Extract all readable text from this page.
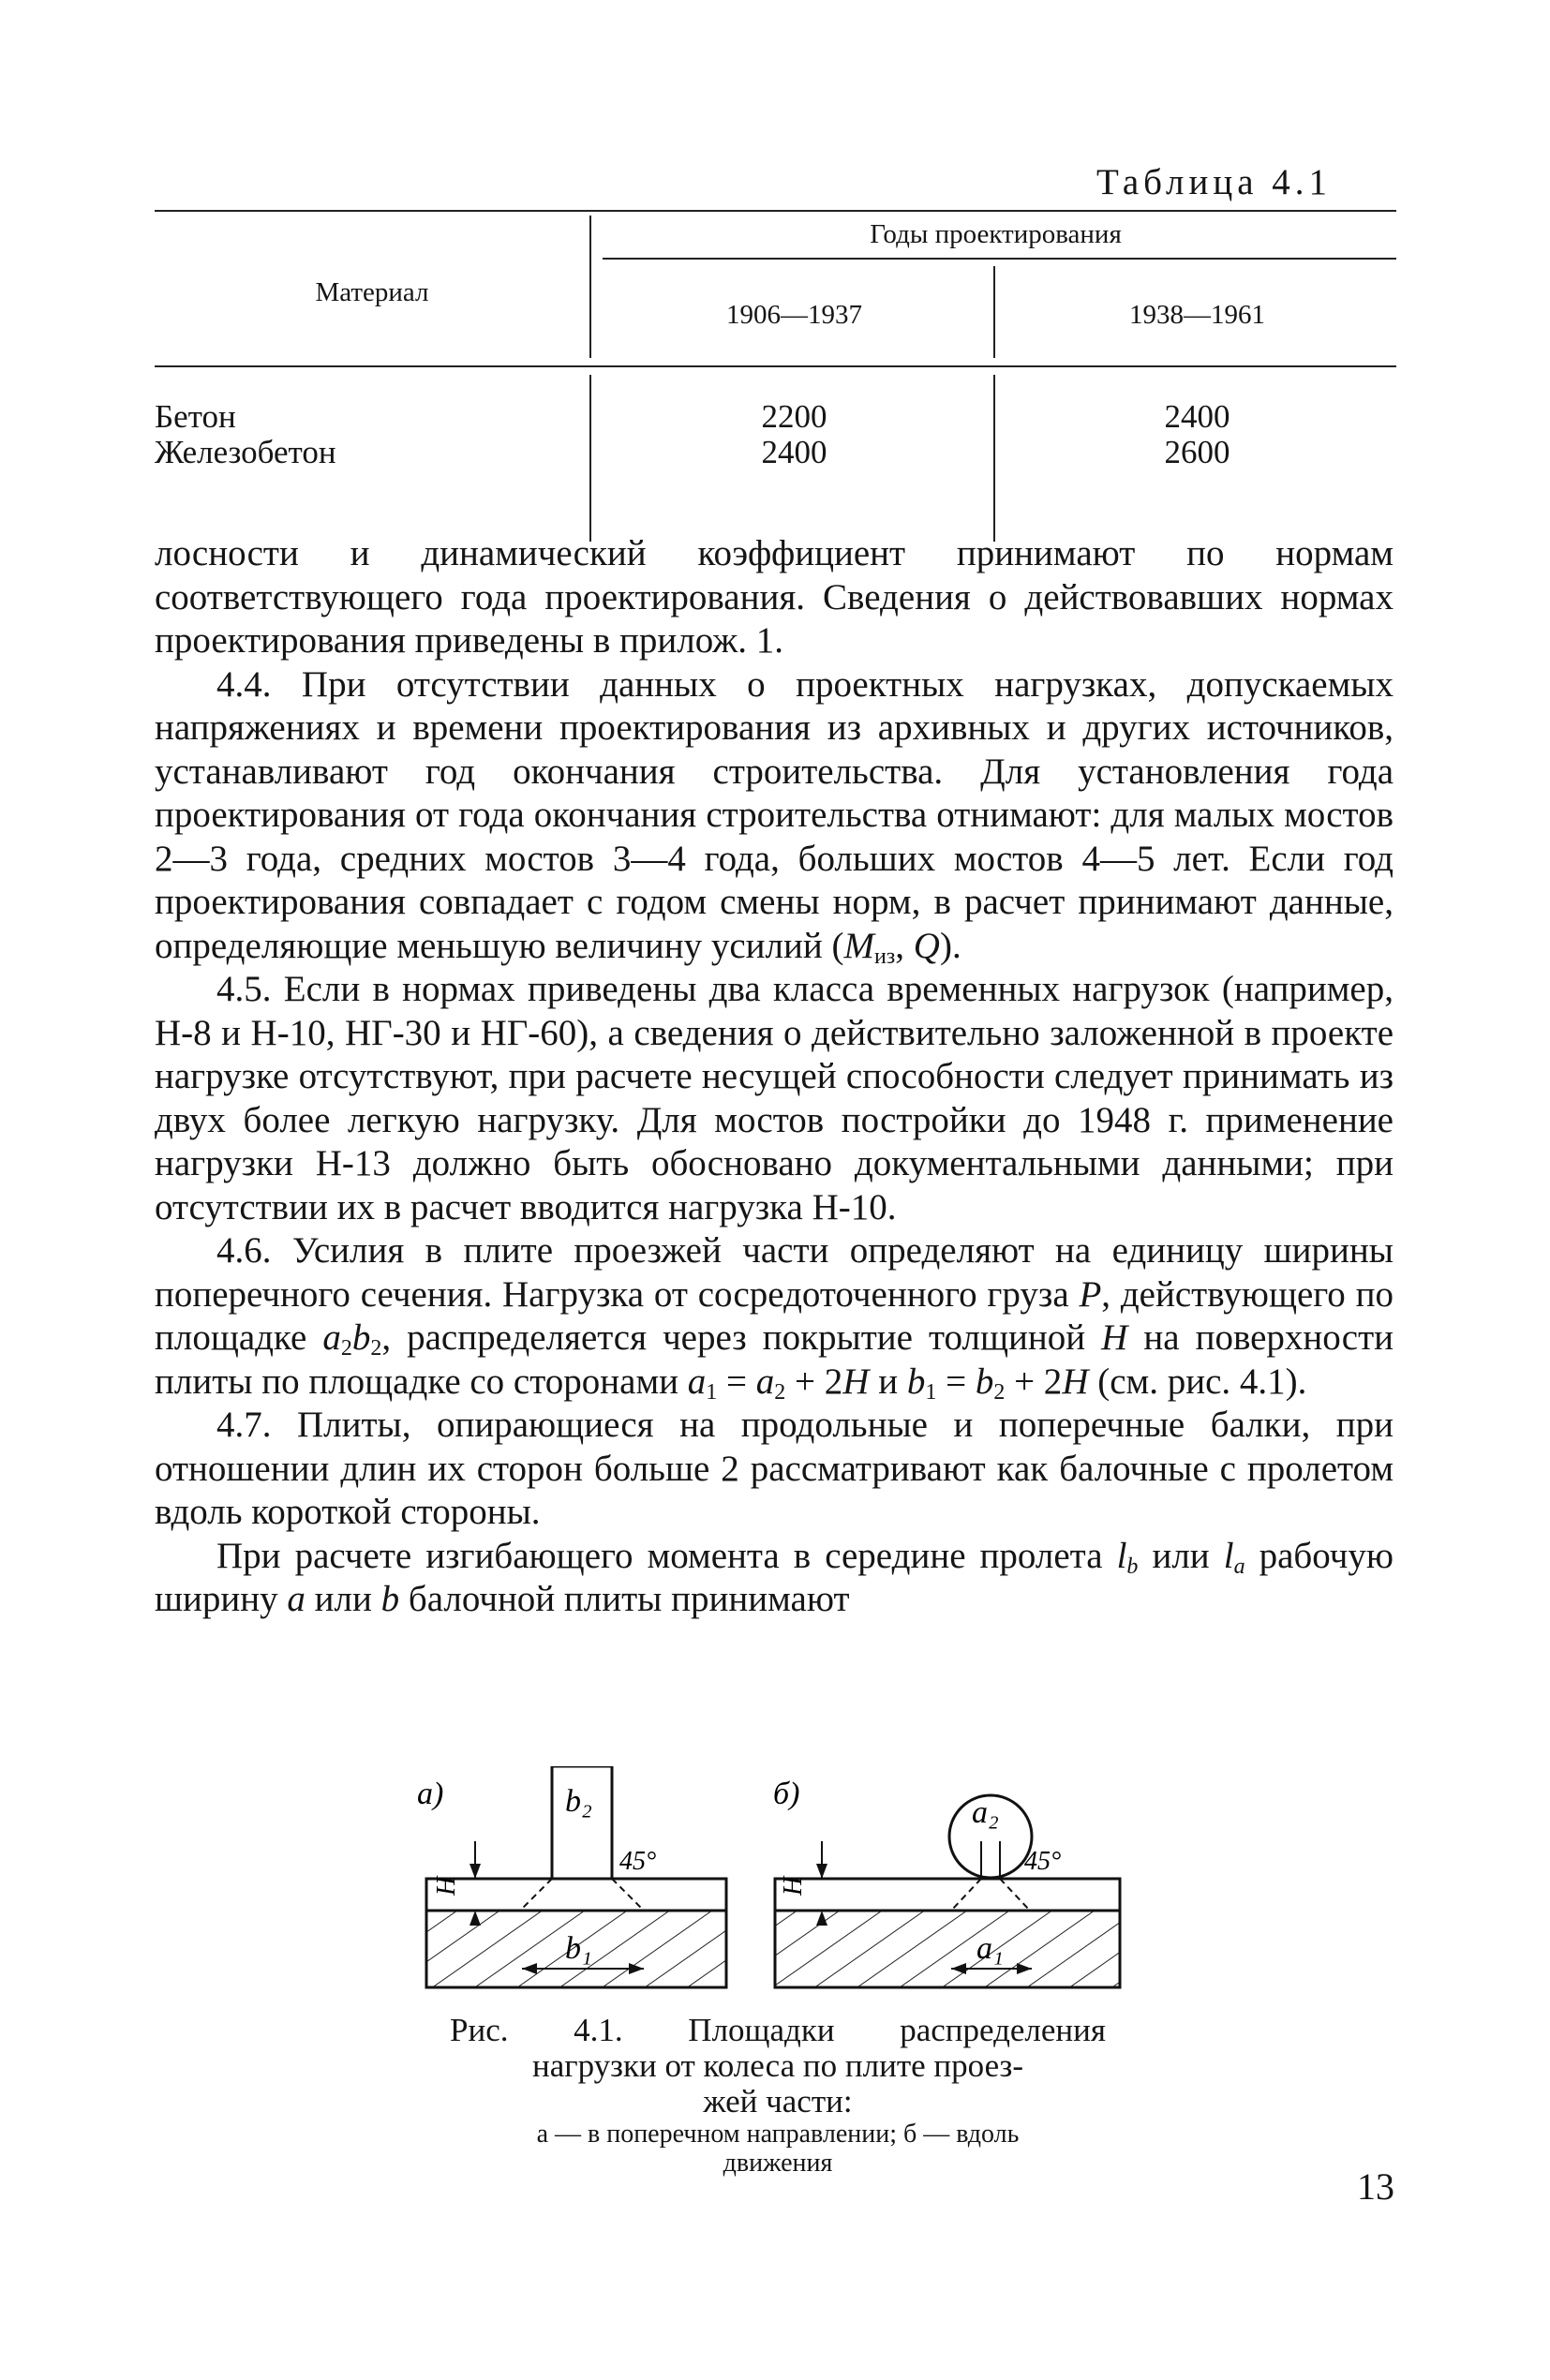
Таблица 4.1
Материал
Годы проектирования
1906—1937	1938—1961
Бетон
Железобетон
2200
2400
2400
2600

лосности и динамический коэффициент принимают по нормам соответствующего года проектирования. Сведения о действовавших нормах проектирования приведены в прилож. 1.

4.4. При отсутствии данных о проектных нагрузках, допускаемых напряжениях и времени проектирования из архивных и других источников, устанавливают год окончания строительства. Для установления года проектирования от года окончания строительства отнимают: для малых мостов 2—3 года, средних мостов 3—4 года, больших мостов 4—5 лет. Если год проектирования совпадает с годом смены норм, в расчет принимают данные, определяющие меньшую величину усилий ($M_{из}$, Q).

4.5. Если в нормах приведены два класса временных нагрузок (например, Н-8 и Н-10, НГ-30 и НГ-60), а сведения о действительно заложенной в проекте нагрузке отсутствуют, при расчете несущей способности следует принимать из двух более легкую нагрузку. Для мостов постройки до 1948 г. применение нагрузки Н-13 должно быть обосновано документальными данными; при отсутствии их в расчет вводится нагрузка Н-10.

4.6. Усилия в плите проезжей части определяют на единицу ширины поперечного сечения. Нагрузка от сосредоточенного груза P, действующего по площадке $a_2b_2$, распределяется через покрытие толщиной H на поверхности плиты по площадке со сторонами $a_1 = a_2 + 2H$ и $b_1 = b_2 + 2H$ (см. рис. 4.1).

4.7. Плиты, опирающиеся на продольные и поперечные балки, при отношении длин их сторон больше 2 рассматривают как балочные с пролетом вдоль короткой стороны.

При расчете изгибающего момента в середине пролета $l_b$ или $l_a$ рабочую ширину a или b балочной плиты принимают

a)	b₂
45°
b₁
H
б)
a₂
45°
a₁
H
Рис. 4.1. Площадки распределения
нагрузки от колеса по плите проез-
жей части:
а — в поперечном направлении; б — вдоль
движения
13
